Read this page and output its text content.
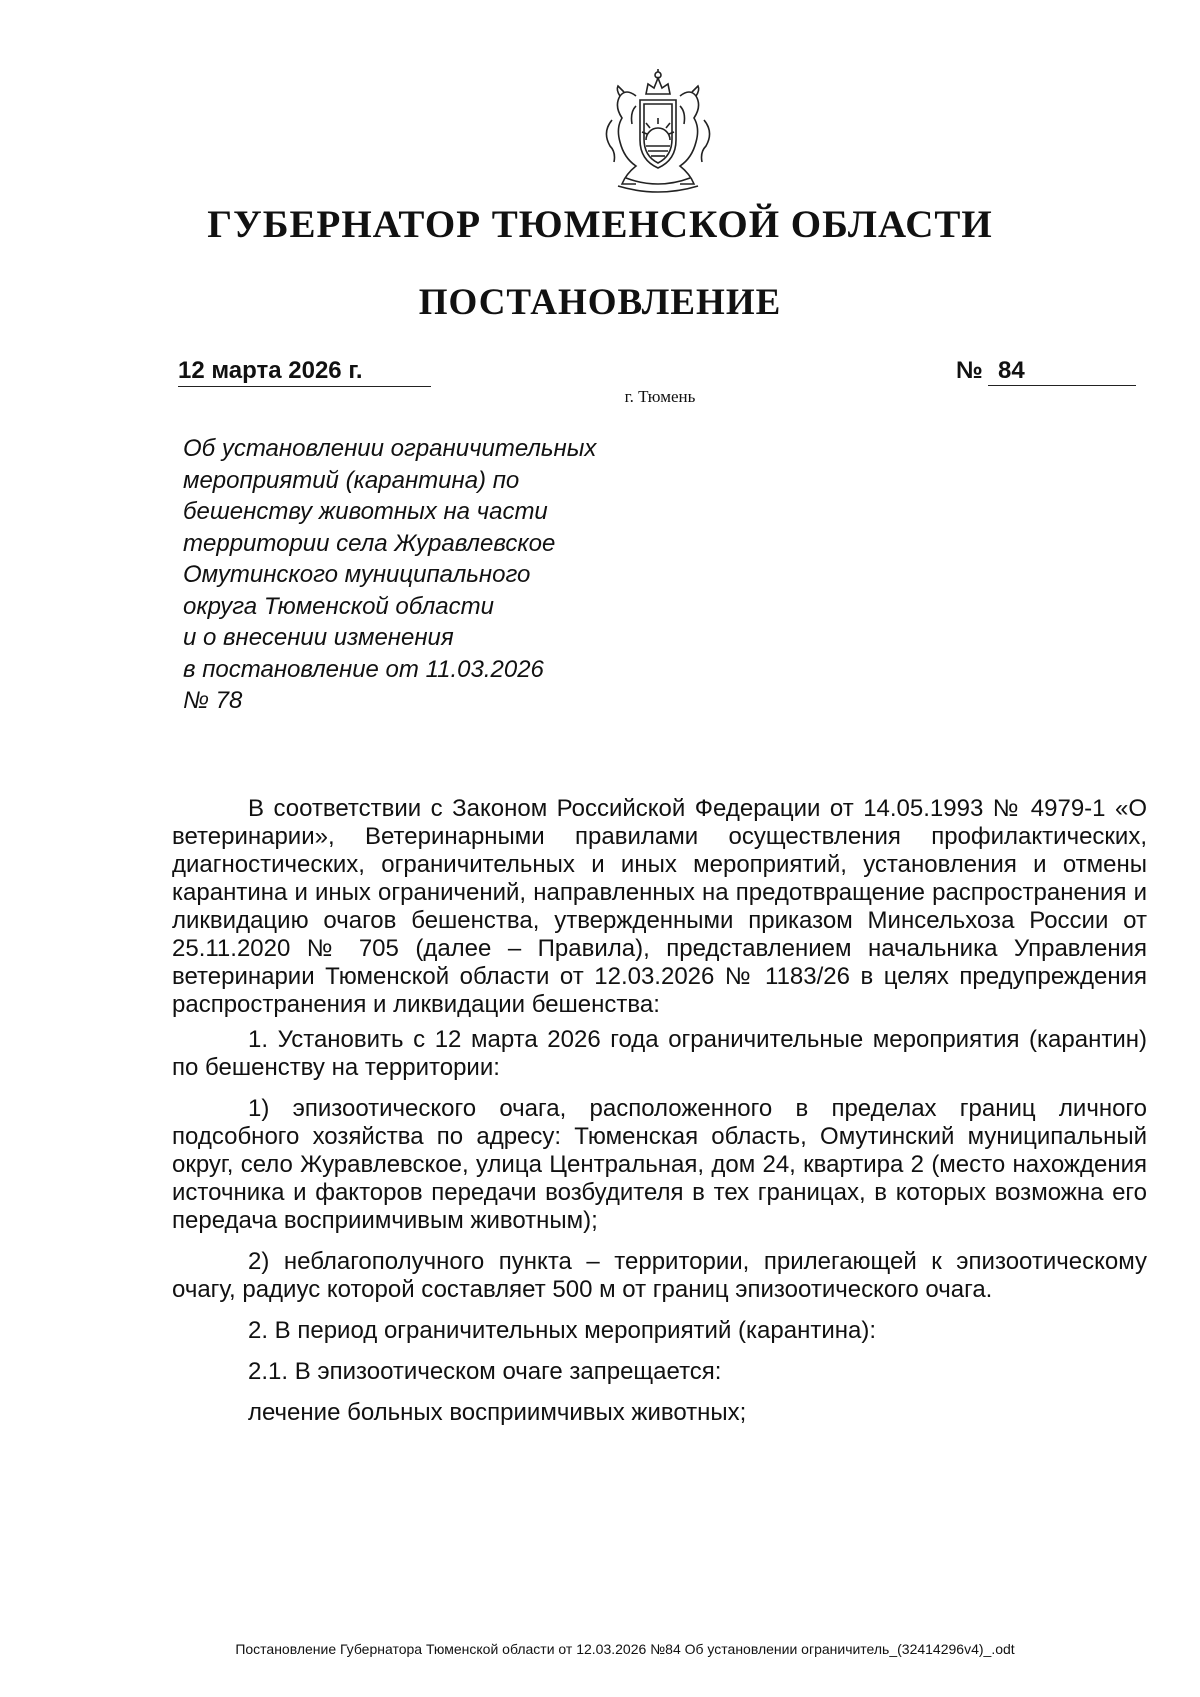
ГУБЕРНАТОР ТЮМЕНСКОЙ ОБЛАСТИ
ПОСТАНОВЛЕНИЕ
12 марта 2026 г.	№ 84
г. Тюмень
Об установлении ограничительных
мероприятий (карантина) по
бешенству животных на части
территории села Журавлевское
Омутинского муниципального
округа Тюменской области
и о внесении изменения
в постановление от 11.03.2026
№ 78

В соответствии с Законом Российской Федерации от 14.05.1993 № 4979-1 «О ветеринарии», Ветеринарными правилами осуществления профилактических, диагностических, ограничительных и иных мероприятий, установления и отмены карантина и иных ограничений, направленных на предотвращение распространения и ликвидацию очагов бешенства, утвержденными приказом Минсельхоза России от 25.11.2020 № 705 (далее – Правила), представлением начальника Управления ветеринарии Тюменской области от 12.03.2026 № 1183/26 в целях предупреждения распространения и ликвидации бешенства:

1. Установить с 12 марта 2026 года ограничительные мероприятия (карантин) по бешенству на территории:

1) эпизоотического очага, расположенного в пределах границ личного подсобного хозяйства по адресу: Тюменская область, Омутинский муниципальный округ, село Журавлевское, улица Центральная, дом 24, квартира 2 (место нахождения источника и факторов передачи возбудителя в тех границах, в которых возможна его передача восприимчивым животным);

2) неблагополучного пункта – территории, прилегающей к эпизоотическому очагу, радиус которой составляет 500 м от границ эпизоотического очага.

2. В период ограничительных мероприятий (карантина):

2.1. В эпизоотическом очаге запрещается:

лечение больных восприимчивых животных;

Постановление Губернатора Тюменской области от 12.03.2026 №84 Об установлении ограничитель_(32414296v4)_.odt
